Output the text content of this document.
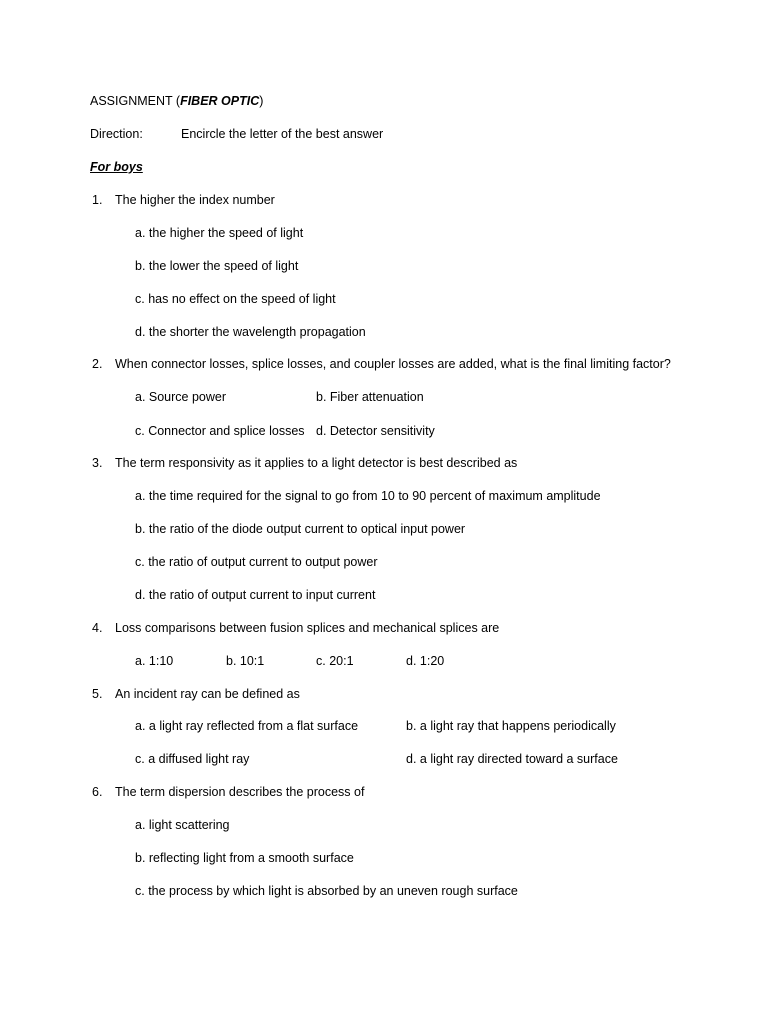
ASSIGNMENT (FIBER OPTIC)
Direction:	Encircle the letter of the best answer
For boys
1. The higher the index number
a. the higher the speed of light
b. the lower the speed of light
c. has no effect on the speed of light
d. the shorter the wavelength propagation
2. When connector losses, splice losses, and coupler losses are added, what is the final limiting factor?
a. Source power	b. Fiber attenuation
c. Connector and splice losses d. Detector sensitivity
3. The term responsivity as it applies to a light detector is best described as
a. the time required for the signal to go from 10 to 90 percent of maximum amplitude
b. the ratio of the diode output current to optical input power
c. the ratio of output current to output power
d. the ratio of output current to input current
4. Loss comparisons between fusion splices and mechanical splices are
a. 1:10	b. 10:1	c. 20:1	d. 1:20
5. An incident ray can be defined as
a. a light ray reflected from a flat surface	b. a light ray that happens periodically
c. a diffused light ray	d. a light ray directed toward a surface
6. The term dispersion describes the process of
a. light scattering
b. reflecting light from a smooth surface
c. the process by which light is absorbed by an uneven rough surface
